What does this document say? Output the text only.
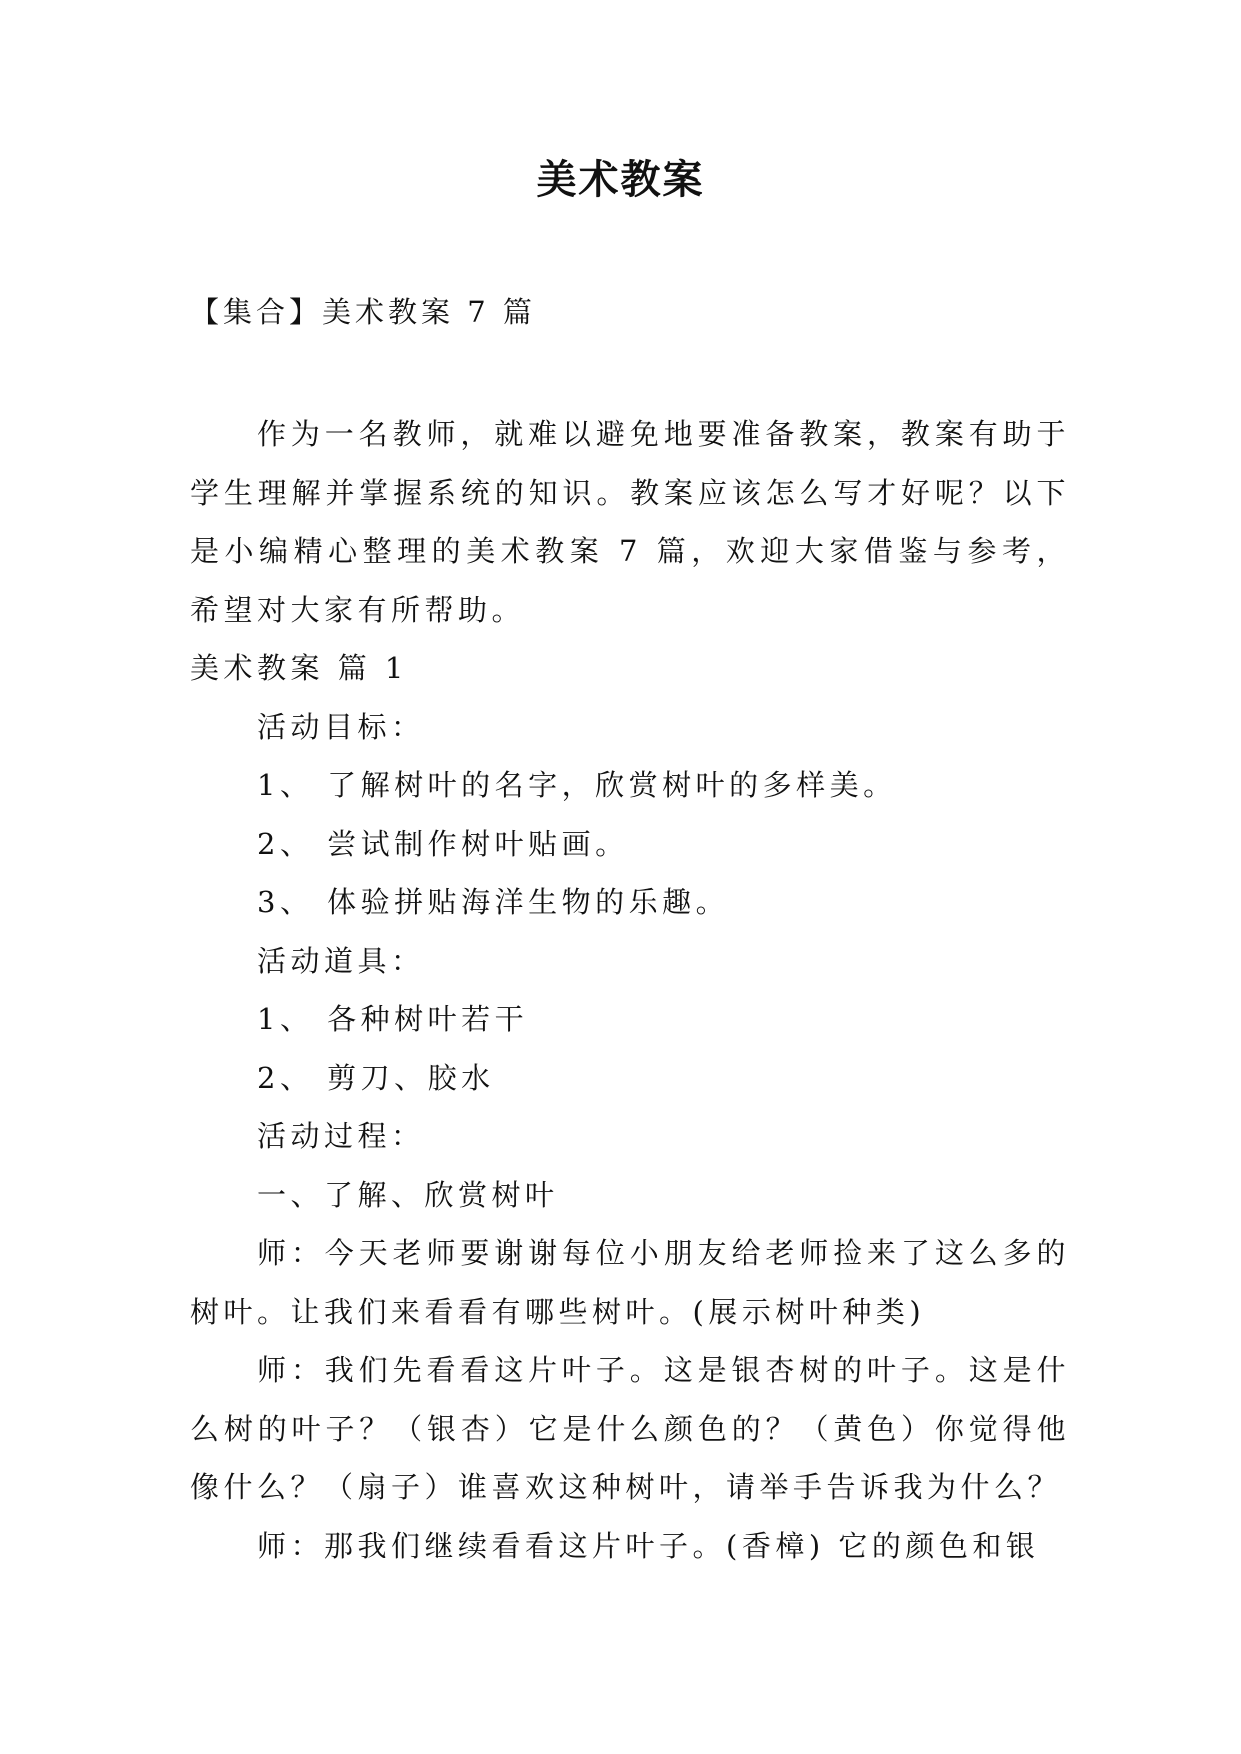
美术教案
【集合】美术教案 7 篇

作为一名教师，就难以避免地要准备教案，教案有助于学生理解并掌握系统的知识。教案应该怎么写才好呢？以下是小编精心整理的美术教案 7 篇，欢迎大家借鉴与参考，希望对大家有所帮助。

美术教案 篇 1

活动目标：

1、 了解树叶的名字，欣赏树叶的多样美。

2、 尝试制作树叶贴画。

3、 体验拼贴海洋生物的乐趣。

活动道具：

1、 各种树叶若干

2、 剪刀、胶水

活动过程：

一、了解、欣赏树叶

师：今天老师要谢谢每位小朋友给老师捡来了这么多的树叶。让我们来看看有哪些树叶。(展示树叶种类)

师：我们先看看这片叶子。这是银杏树的叶子。这是什么树的叶子？（银杏）它是什么颜色的？（黄色）你觉得他像什么？（扇子）谁喜欢这种树叶，请举手告诉我为什么？

师：那我们继续看看这片叶子。(香樟) 它的颜色和银
